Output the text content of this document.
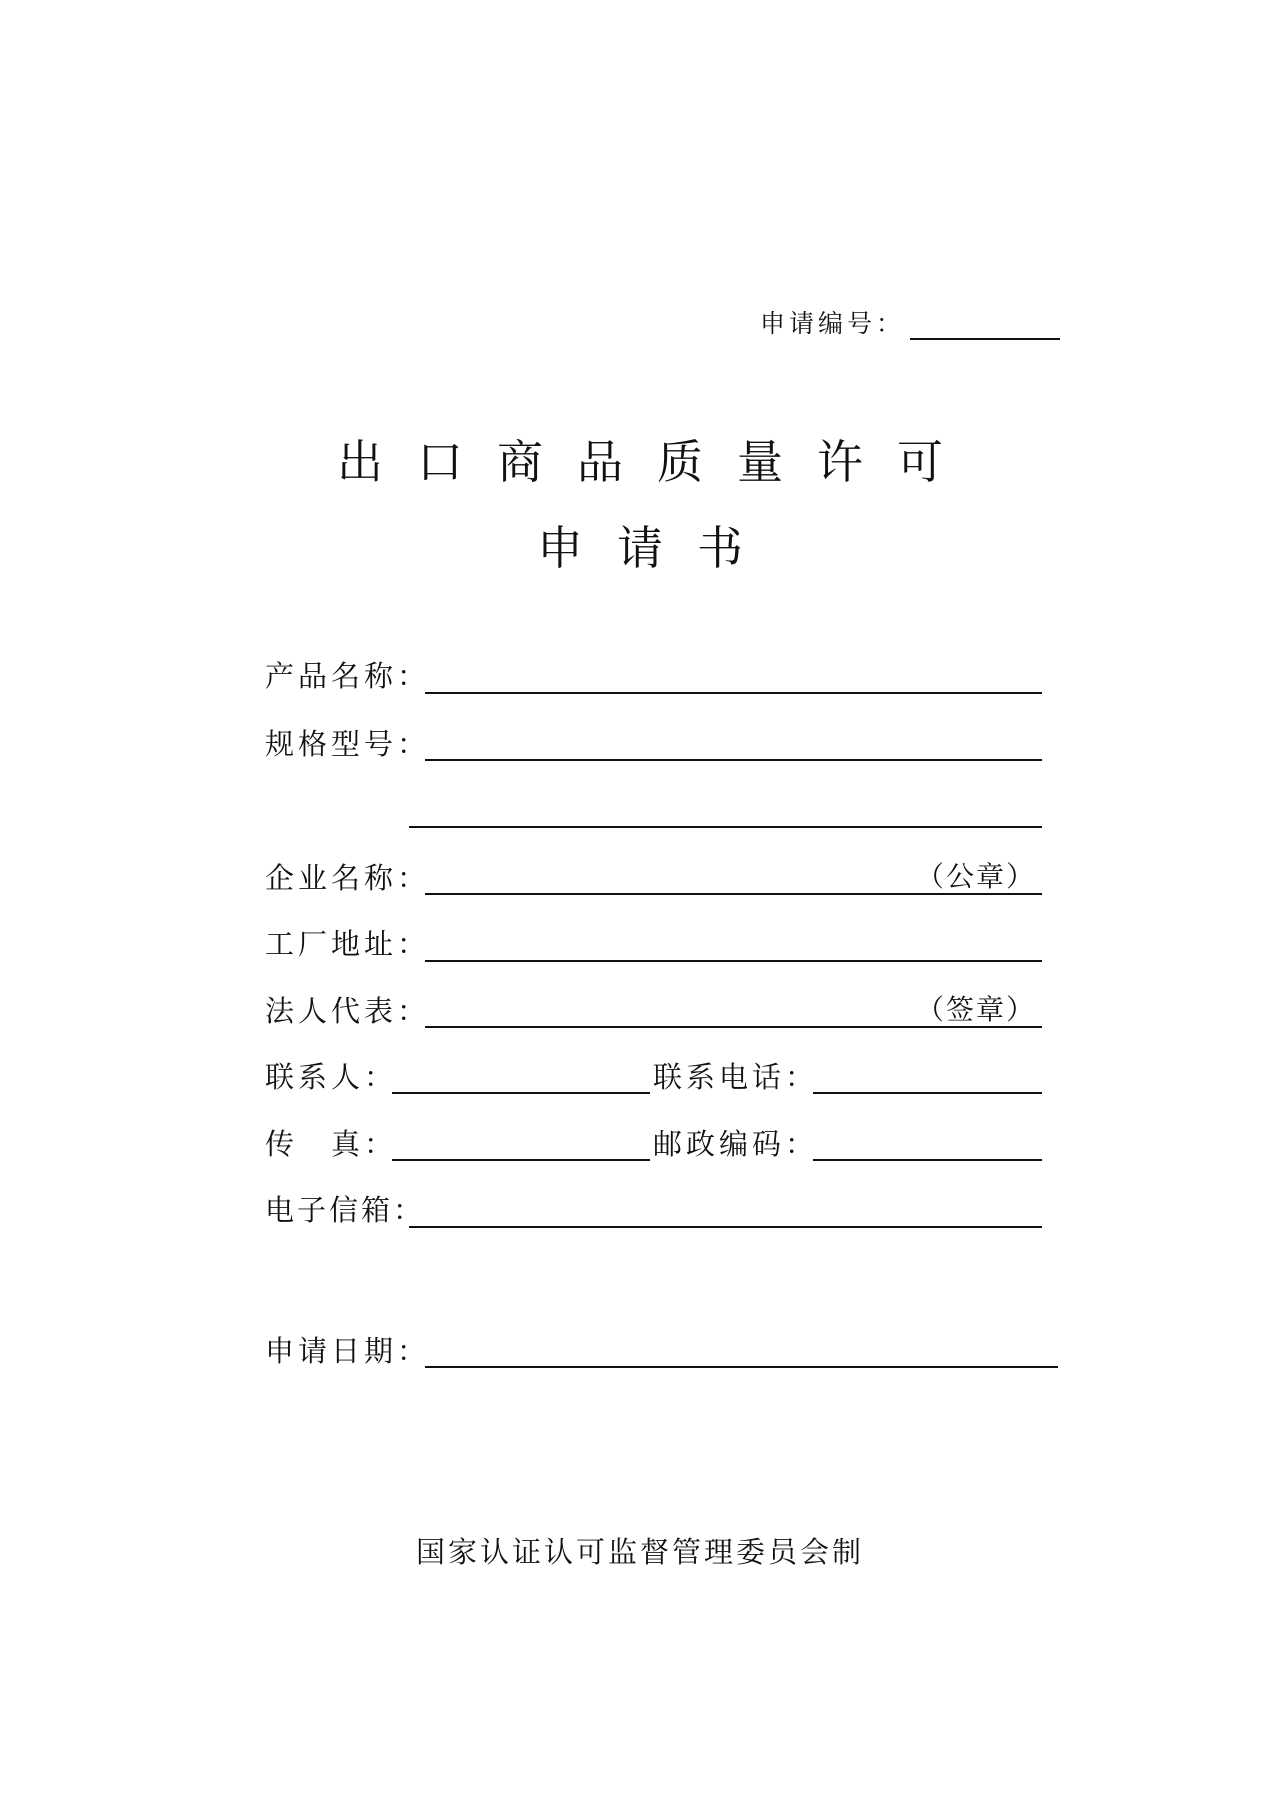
申请编号：
出口商品质量许可
申请书
产品名称：
规格型号：
企业名称：	（公章）
工厂地址：
法人代表：	（签章）
联系人：	联系电话：
传　真：	邮政编码：
电子信箱：
申请日期：
国家认证认可监督管理委员会制
